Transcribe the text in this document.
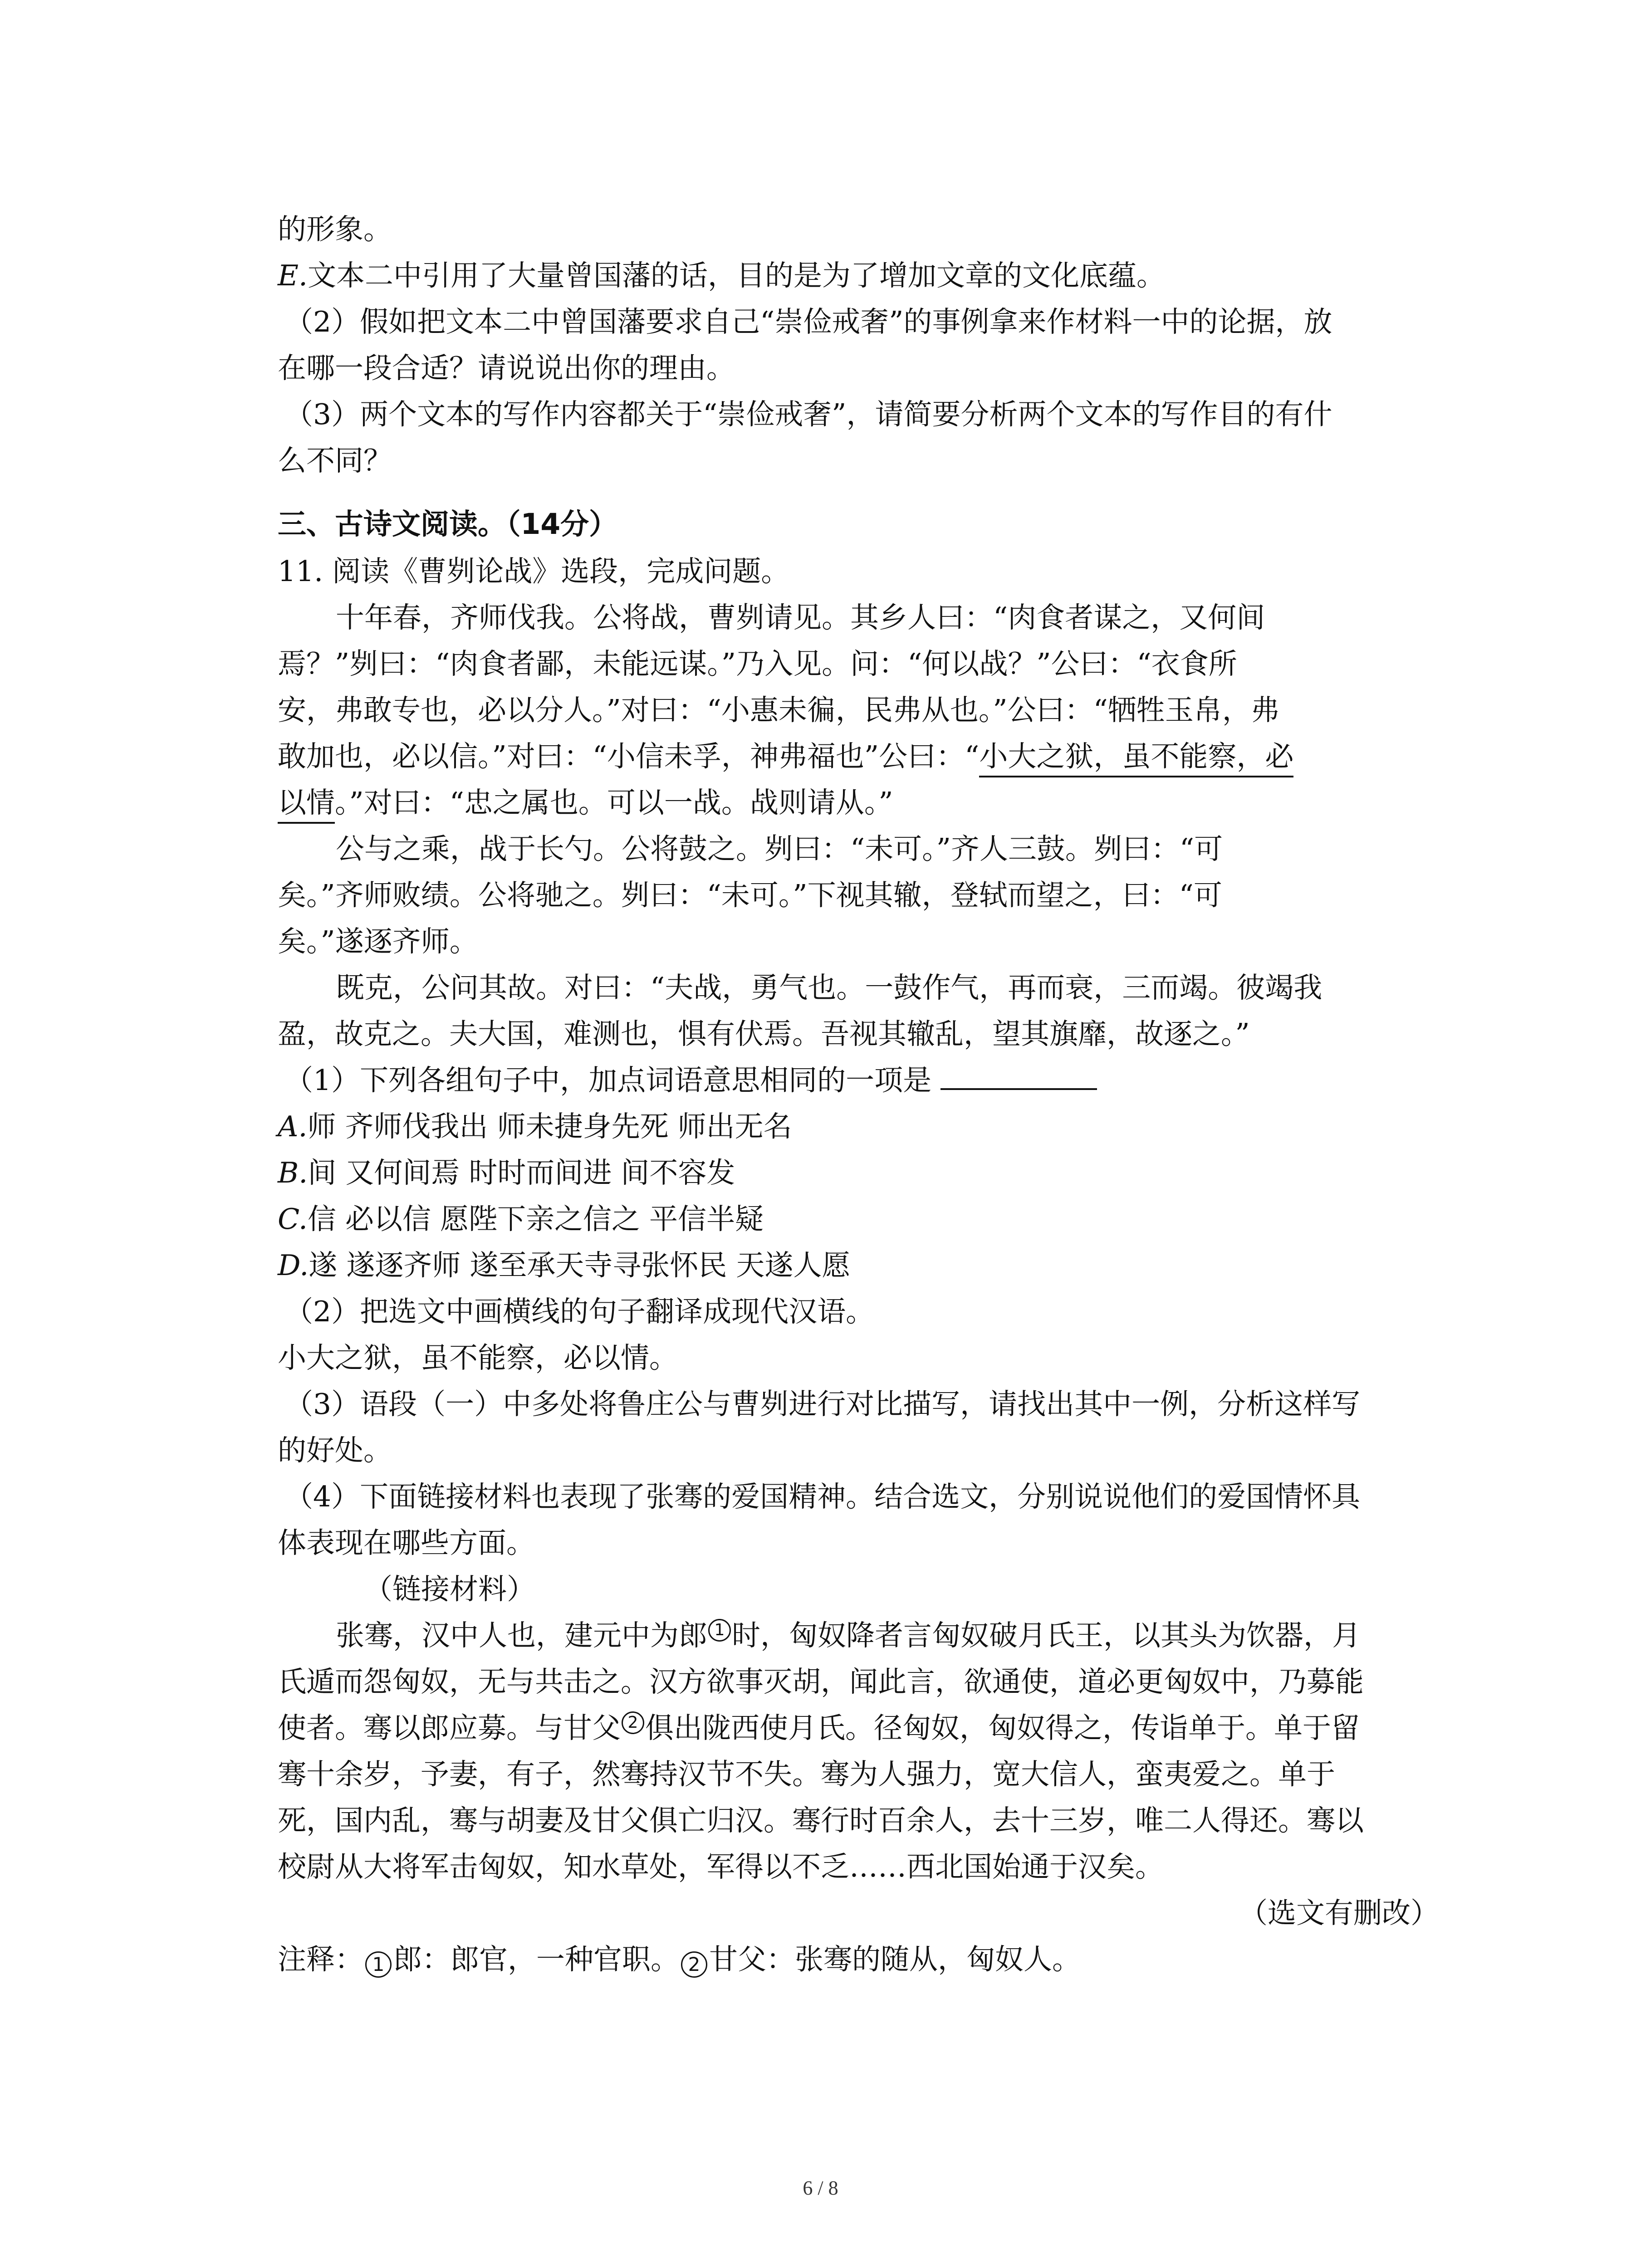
的形象。
E.文本二中引用了大量曾国藩的话，目的是为了增加文章的文化底蕴。
（2）假如把文本二中曾国藩要求自己“崇俭戒奢”的事例拿来作材料一中的论据，放
在哪一段合适？请说说出你的理由。
（3）两个文本的写作内容都关于“崇俭戒奢”，请简要分析两个文本的写作目的有什
么不同？
三、古诗文阅读。（14分）
11. 阅读《曹刿论战》选段，完成问题。
十年春，齐师伐我。公将战，曹刿请见。其乡人曰：“肉食者谋之，又何间
焉？”刿曰：“肉食者鄙，未能远谋。”乃入见。问：“何以战？”公曰：“衣食所
安，弗敢专也，必以分人。”对曰：“小惠未徧，民弗从也。”公曰：“牺牲玉帛，弗
敢加也，必以信。”对曰：“小信未孚，神弗福也”公曰：“小大之狱，虽不能察，必
以情。”对曰：“忠之属也。可以一战。战则请从。”
公与之乘，战于长勺。公将鼓之。刿曰：“未可。”齐人三鼓。刿曰：“可
矣。”齐师败绩。公将驰之。刿曰：“未可。”下视其辙，登轼而望之，曰：“可
矣。”遂逐齐师。
既克，公问其故。对曰：“夫战，勇气也。一鼓作气，再而衰，三而竭。彼竭我
盈，故克之。夫大国，难测也，惧有伏焉。吾视其辙乱，望其旗靡，故逐之。”
（1）下列各组句子中，加点词语意思相同的一项是
A.师 齐师伐我出 师未捷身先死 师出无名
B.间 又何间焉 时时而间进 间不容发
C.信 必以信 愿陛下亲之信之 平信半疑
D.遂 遂逐齐师 遂至承天寺寻张怀民 天遂人愿
（2）把选文中画横线的句子翻译成现代汉语。
小大之狱，虽不能察，必以情。
（3）语段（一）中多处将鲁庄公与曹刿进行对比描写，请找出其中一例，分析这样写
的好处。
（4）下面链接材料也表现了张骞的爱国精神。结合选文，分别说说他们的爱国情怀具
体表现在哪些方面。
（链接材料）
张骞，汉中人也，建元中为郎 1 时，匈奴降者言匈奴破月氏王，以其头为饮器，月
氏遁而怨匈奴，无与共击之。汉方欲事灭胡，闻此言，欲通使，道必更匈奴中，乃募能
使者。骞以郎应募。与甘父 2 俱出陇西使月氏。径匈奴，匈奴得之，传诣单于。单于留
骞十余岁，予妻，有子，然骞持汉节不失。骞为人强力，宽大信人，蛮夷爱之。单于
死，国内乱，骞与胡妻及甘父俱亡归汉。骞行时百余人，去十三岁，唯二人得还。骞以
校尉从大将军击匈奴，知水草处，军得以不乏……西北国始通于汉矣。
（选文有删改）
注释： 1 郎：郎官，一种官职。 2 甘父：张骞的随从，匈奴人。
6 / 8
